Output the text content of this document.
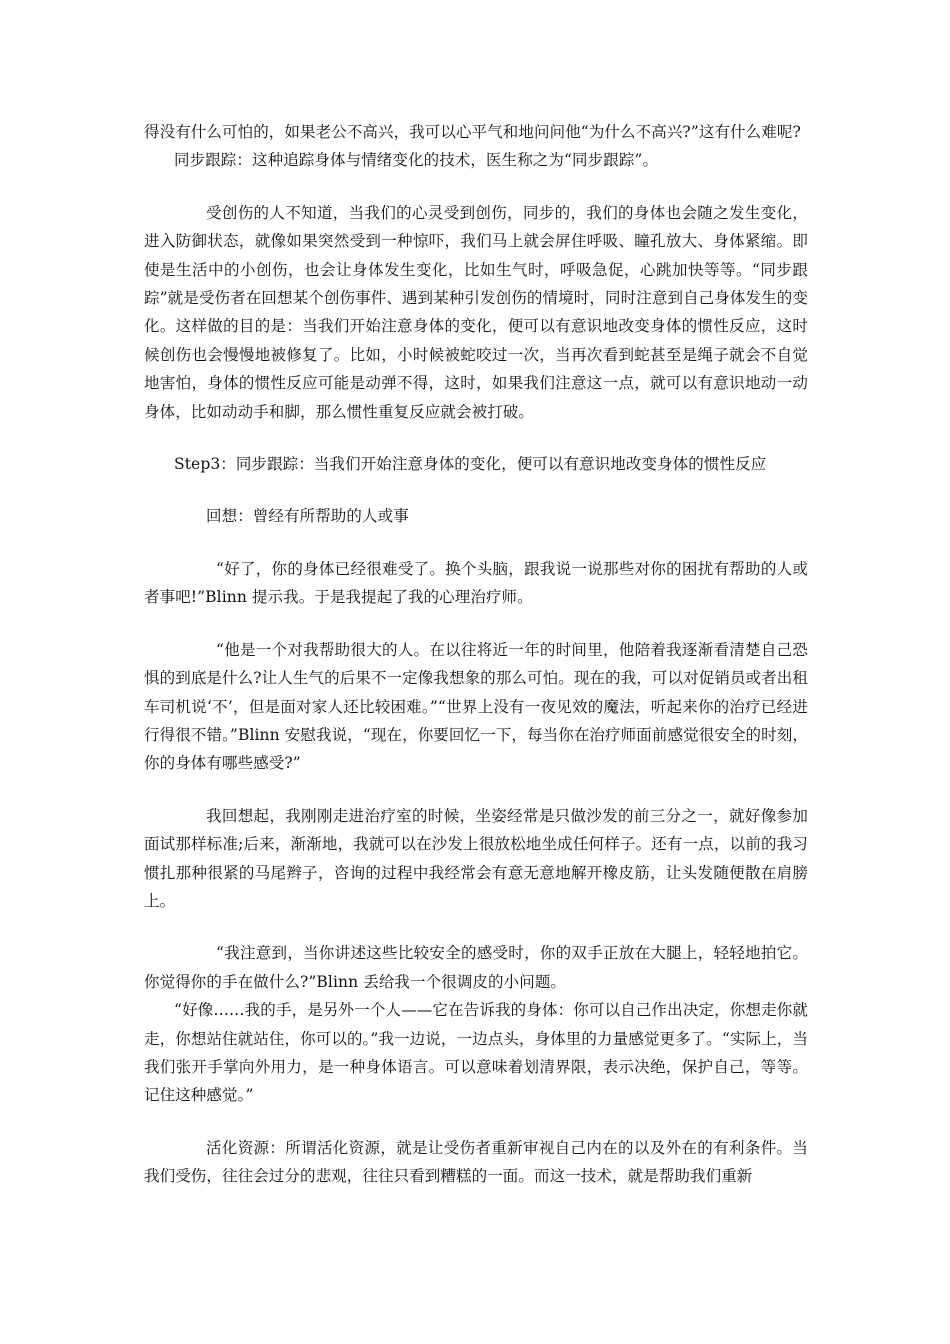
得没有什么可怕的，如果老公不高兴，我可以心平气和地问问他“为什么不高兴?”这有什么难呢?

同步跟踪：这种追踪身体与情绪变化的技术，医生称之为“同步跟踪”。

受创伤的人不知道，当我们的心灵受到创伤，同步的，我们的身体也会随之发生变化，进入防御状态，就像如果突然受到一种惊吓，我们马上就会屏住呼吸、瞳孔放大、身体紧缩。即使是生活中的小创伤，也会让身体发生变化，比如生气时，呼吸急促，心跳加快等等。“同步跟踪”就是受伤者在回想某个创伤事件、遇到某种引发创伤的情境时，同时注意到自己身体发生的变化。这样做的目的是：当我们开始注意身体的变化，便可以有意识地改变身体的惯性反应，这时候创伤也会慢慢地被修复了。比如，小时候被蛇咬过一次，当再次看到蛇甚至是绳子就会不自觉地害怕，身体的惯性反应可能是动弹不得，这时，如果我们注意这一点，就可以有意识地动一动身体，比如动动手和脚，那么惯性重复反应就会被打破。

Step3：同步跟踪：当我们开始注意身体的变化，便可以有意识地改变身体的惯性反应

回想：曾经有所帮助的人或事

“好了，你的身体已经很难受了。换个头脑，跟我说一说那些对你的困扰有帮助的人或者事吧!”Blinn 提示我。于是我提起了我的心理治疗师。

“他是一个对我帮助很大的人。在以往将近一年的时间里，他陪着我逐渐看清楚自己恐惧的到底是什么?让人生气的后果不一定像我想象的那么可怕。现在的我，可以对促销员或者出租车司机说‘不’，但是面对家人还比较困难。”“世界上没有一夜见效的魔法，听起来你的治疗已经进行得很不错。”Blinn 安慰我说，“现在，你要回忆一下，每当你在治疗师面前感觉很安全的时刻，你的身体有哪些感受?”

我回想起，我刚刚走进治疗室的时候，坐姿经常是只做沙发的前三分之一，就好像参加面试那样标准;后来，渐渐地，我就可以在沙发上很放松地坐成任何样子。还有一点，以前的我习惯扎那种很紧的马尾辫子，咨询的过程中我经常会有意无意地解开橡皮筋，让头发随便散在肩膀上。

“我注意到，当你讲述这些比较安全的感受时，你的双手正放在大腿上，轻轻地拍它。你觉得你的手在做什么?”Blinn 丢给我一个很调皮的小问题。

“好像……我的手，是另外一个人——它在告诉我的身体：你可以自己作出决定，你想走你就走，你想站住就站住，你可以的。”我一边说，一边点头，身体里的力量感觉更多了。“实际上，当我们张开手掌向外用力，是一种身体语言。可以意味着划清界限，表示决绝，保护自己，等等。记住这种感觉。”

活化资源：所谓活化资源，就是让受伤者重新审视自己内在的以及外在的有利条件。当我们受伤，往往会过分的悲观，往往只看到糟糕的一面。而这一技术，就是帮助我们重新
